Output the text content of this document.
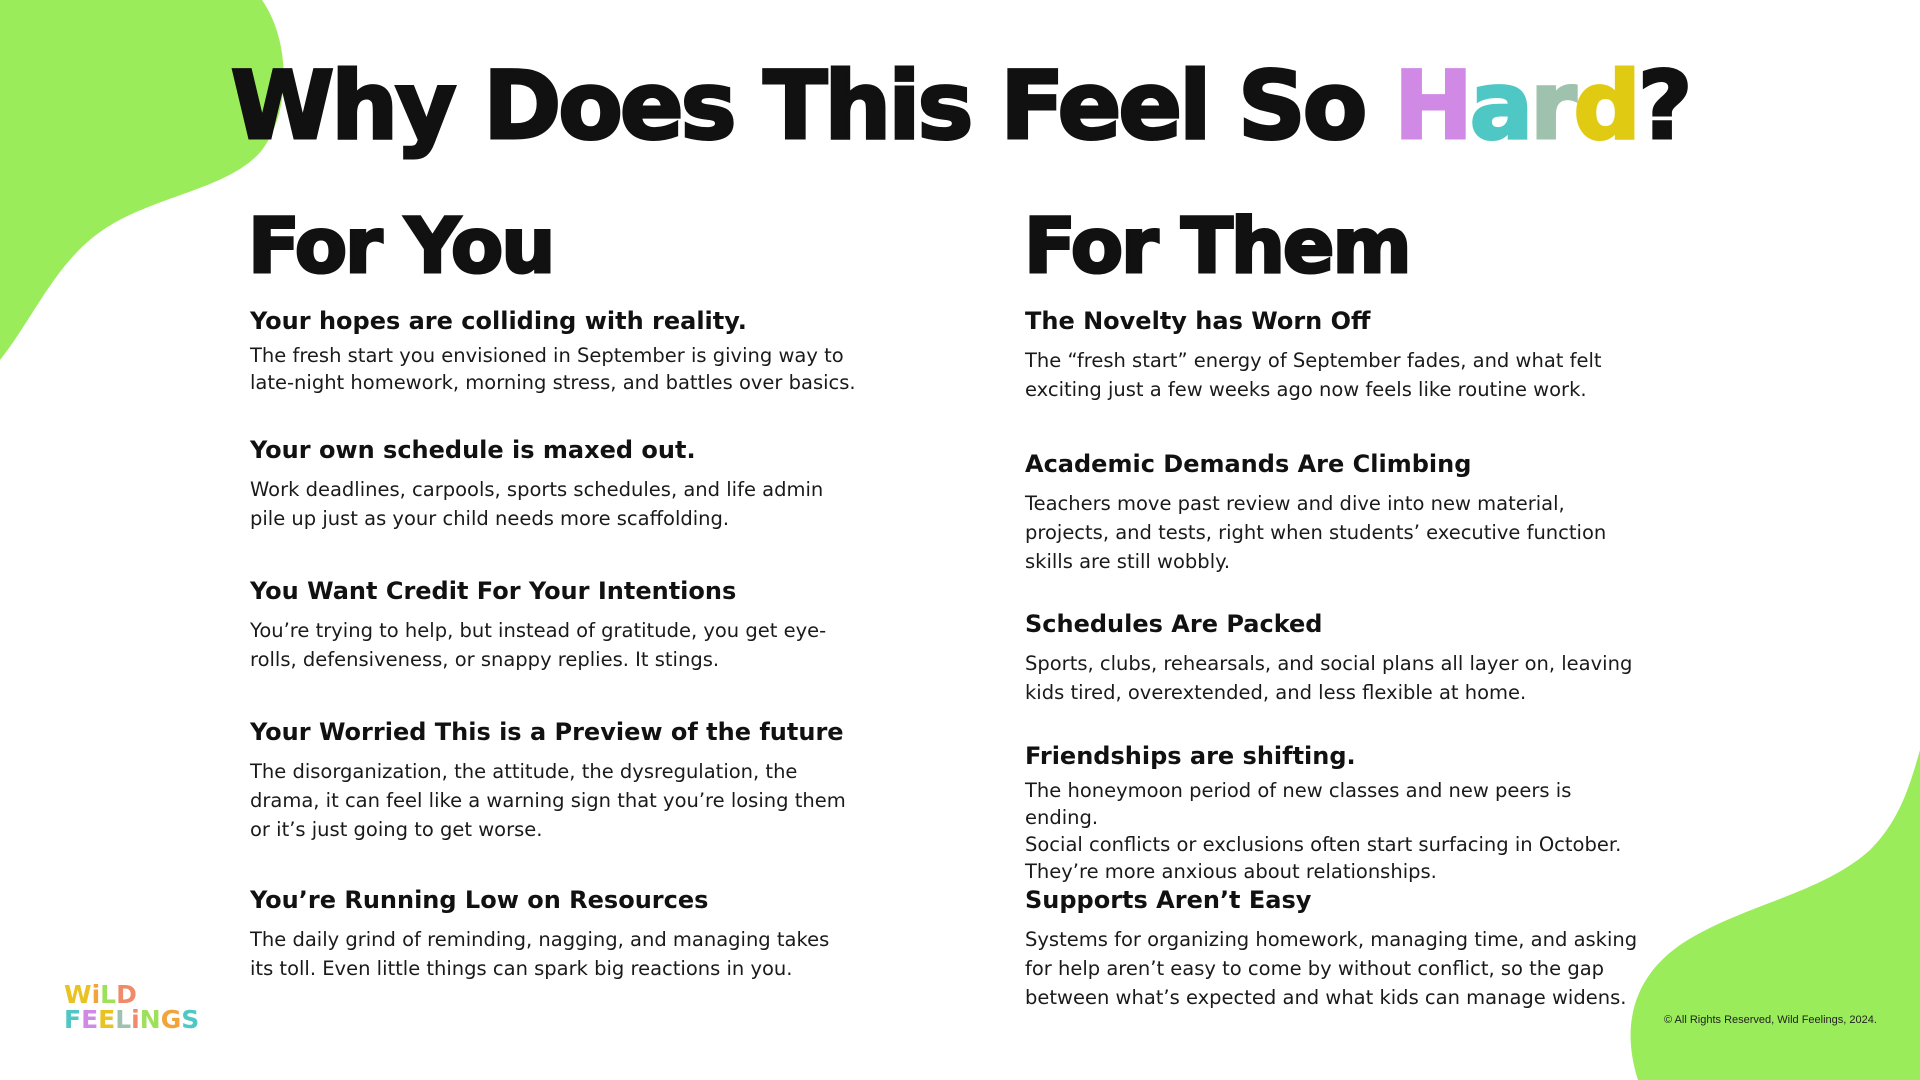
Why Does This Feel So Hard?
For You	For Them
Your hopes are colliding with reality.

The fresh start you envisioned in September is giving way to
late-night homework, morning stress, and battles over basics.

Your own schedule is maxed out.

Work deadlines, carpools, sports schedules, and life admin
pile up just as your child needs more scaffolding.

You Want Credit For Your Intentions

You’re trying to help, but instead of gratitude, you get eye-
rolls, defensiveness, or snappy replies. It stings.

Your Worried This is a Preview of the future

The disorganization, the attitude, the dysregulation, the
drama, it can feel like a warning sign that you’re losing them
or it’s just going to get worse.

You’re Running Low on Resources

The daily grind of reminding, nagging, and managing takes
its toll. Even little things can spark big reactions in you.

The Novelty has Worn Off

The “fresh start” energy of September fades, and what felt
exciting just a few weeks ago now feels like routine work.

Academic Demands Are Climbing

Teachers move past review and dive into new material,
projects, and tests, right when students’ executive function
skills are still wobbly.

Schedules Are Packed

Sports, clubs, rehearsals, and social plans all layer on, leaving
kids tired, overextended, and less flexible at home.

Friendships are shifting.

The honeymoon period of new classes and new peers is ending.
Social conflicts or exclusions often start surfacing in October.
They’re more anxious about relationships.

Supports Aren’t Easy

Systems for organizing homework, managing time, and asking
for help aren’t easy to come by without conflict, so the gap
between what’s expected and what kids can manage widens.

WiLD
FEELiNGS	© All Rights Reserved, Wild Feelings, 2024.
